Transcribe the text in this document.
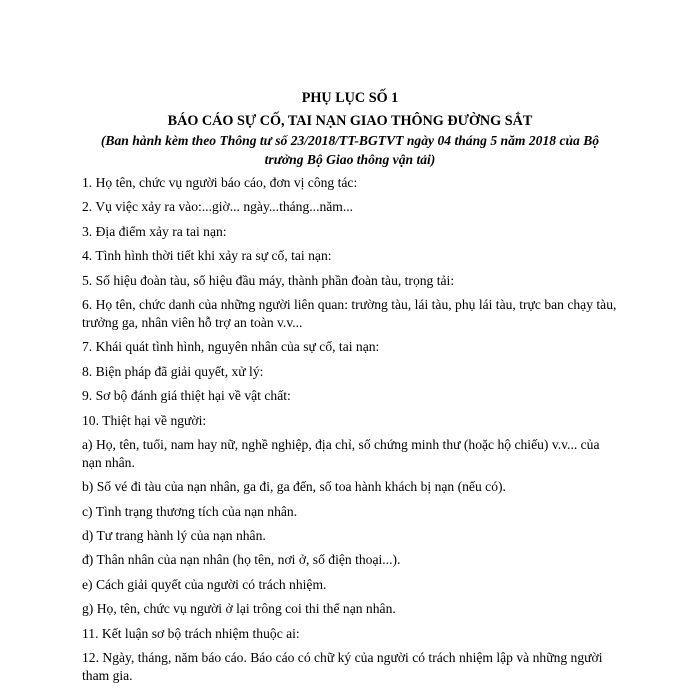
PHỤ LỤC SỐ 1
BÁO CÁO SỰ CỐ, TAI NẠN GIAO THÔNG ĐƯỜNG SẮT
(Ban hành kèm theo Thông tư số 23/2018/TT-BGTVT ngày 04 tháng 5 năm 2018 của Bộ trưởng Bộ Giao thông vận tải)
1. Họ tên, chức vụ người báo cáo, đơn vị công tác:
2. Vụ việc xảy ra vào:...giờ... ngày...tháng...năm...
3. Địa điểm xảy ra tai nạn:
4. Tình hình thời tiết khi xảy ra sự cố, tai nạn:
5. Số hiệu đoàn tàu, số hiệu đầu máy, thành phần đoàn tàu, trọng tải:
6. Họ tên, chức danh của những người liên quan: trường tàu, lái tàu, phụ lái tàu, trực ban chạy tàu, trưởng ga, nhân viên hỗ trợ an toàn v.v...
7. Khái quát tình hình, nguyên nhân của sự cố, tai nạn:
8. Biện pháp đã giải quyết, xử lý:
9. Sơ bộ đánh giá thiệt hại về vật chất:
10. Thiệt hại về người:
a) Họ, tên, tuổi, nam hay nữ, nghề nghiệp, địa chỉ, số chứng minh thư (hoặc hộ chiếu) v.v... của nạn nhân.
b) Số vé đi tàu của nạn nhân, ga đi, ga đến, số toa hành khách bị nạn (nếu có).
c) Tình trạng thương tích của nạn nhân.
d) Tư trang hành lý của nạn nhân.
đ) Thân nhân của nạn nhân (họ tên, nơi ở, số điện thoại...).
e) Cách giải quyết của người có trách nhiệm.
g) Họ, tên, chức vụ người ở lại trông coi thi thể nạn nhân.
11. Kết luận sơ bộ trách nhiệm thuộc ai:
12. Ngày, tháng, năm báo cáo. Báo cáo có chữ ký của người có trách nhiệm lập và những người tham gia.
